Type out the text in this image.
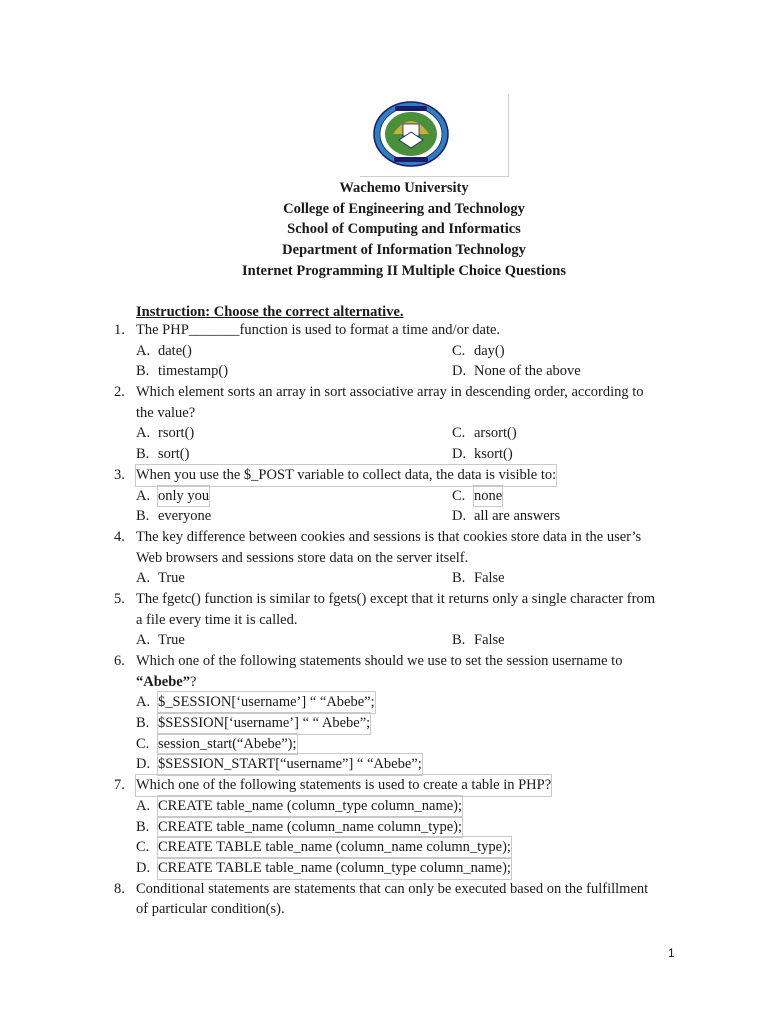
Wachemo University
College of Engineering and Technology
School of Computing and Informatics
Department of Information Technology
Internet Programming II Multiple Choice Questions
Instruction: Choose the correct alternative.
1. The PHP_______function is used to format a time and/or date.
A. date()	C. day()
B. timestamp()	D. None of the above
2. Which element sorts an array in sort associative array in descending order, according to
the value?
A. rsort()	C. arsort()
B. sort()	D. ksort()
3. When you use the $_POST variable to collect data, the data is visible to:
A. only you	C. none
B. everyone	D. all are answers
4. The key difference between cookies and sessions is that cookies store data in the user’s
Web browsers and sessions store data on the server itself.
A. True	B. False
5. The fgetc() function is similar to fgets() except that it returns only a single character from
a file every time it is called.
A. True	B. False
6. Which one of the following statements should we use to set the session username to
“Abebe”?
A. $_SESSION[‘username’] “ “Abebe”;
B. $SESSION[‘username’] “ “ Abebe”;
C. session_start(“Abebe”);
D. $SESSION_START[“username”] “ “Abebe”;
7. Which one of the following statements is used to create a table in PHP?
A. CREATE table_name (column_type column_name);
B. CREATE table_name (column_name column_type);
C. CREATE TABLE table_name (column_name column_type);
D. CREATE TABLE table_name (column_type column_name);
8. Conditional statements are statements that can only be executed based on the fulfillment
of particular condition(s).
1
